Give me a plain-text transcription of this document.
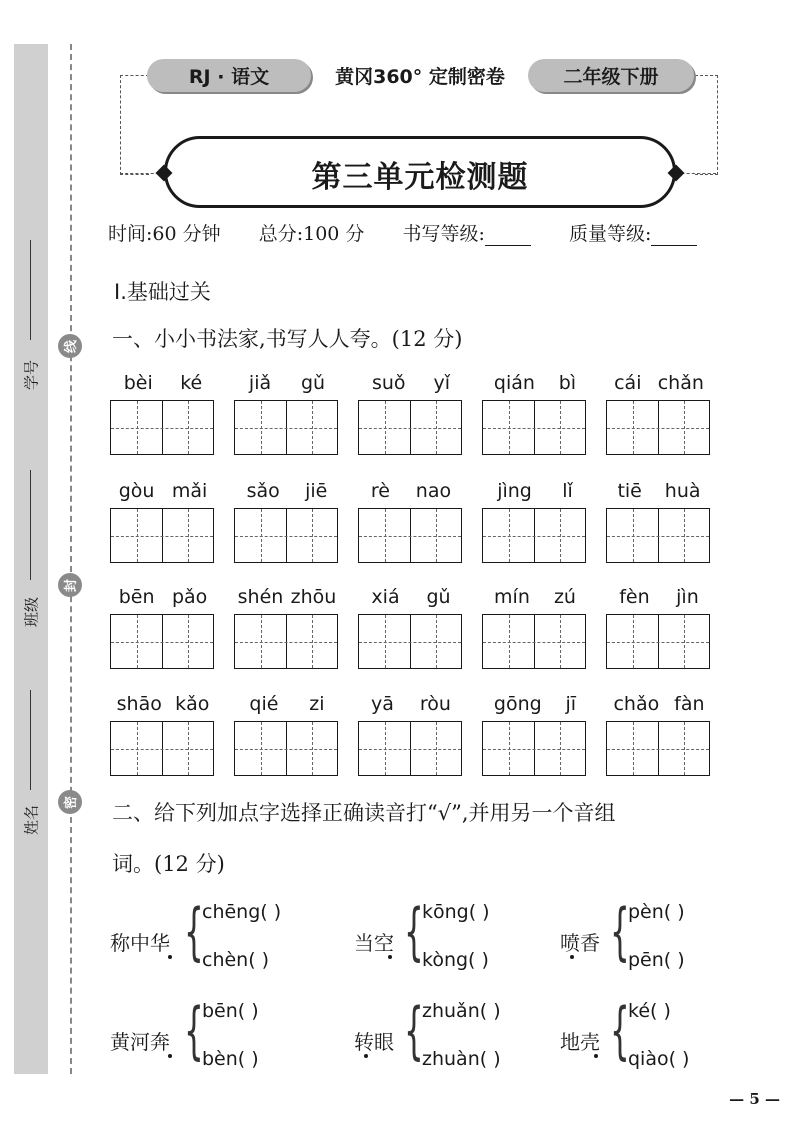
学号
班级
姓名
线
封
密
RJ · 语文	黄冈360° 定制密卷	二年级下册
第三单元检测题
时间:60 分钟 总分:100 分 书写等级:	质量等级:
Ⅰ.基础过关
一、小小书法家,书写人人夸。(12 分)
bèi ké jiǎ gǔ suǒ yǐ qián bì cái chǎn
gòu mǎi sǎo jiē rè nao jìng lǐ tiē huà
bēn pǎo shén zhōu xiá gǔ mín zú fèn jìn
shāo kǎo qié zi yā ròu gōng jī chǎo fàn
二、给下列加点字选择正确读音打“√”,并用另一个音组
词。(12 分)
称中华 {
chēng( )
chèn( )
当空 {
kōng( )
kòng( )
喷香 {
pèn( )
pēn( )
黄河奔 {
bēn( )
bèn( )
转眼 {
zhuǎn( )
zhuàn( )
地壳 {
ké( )
qiào( )
— 5 —
